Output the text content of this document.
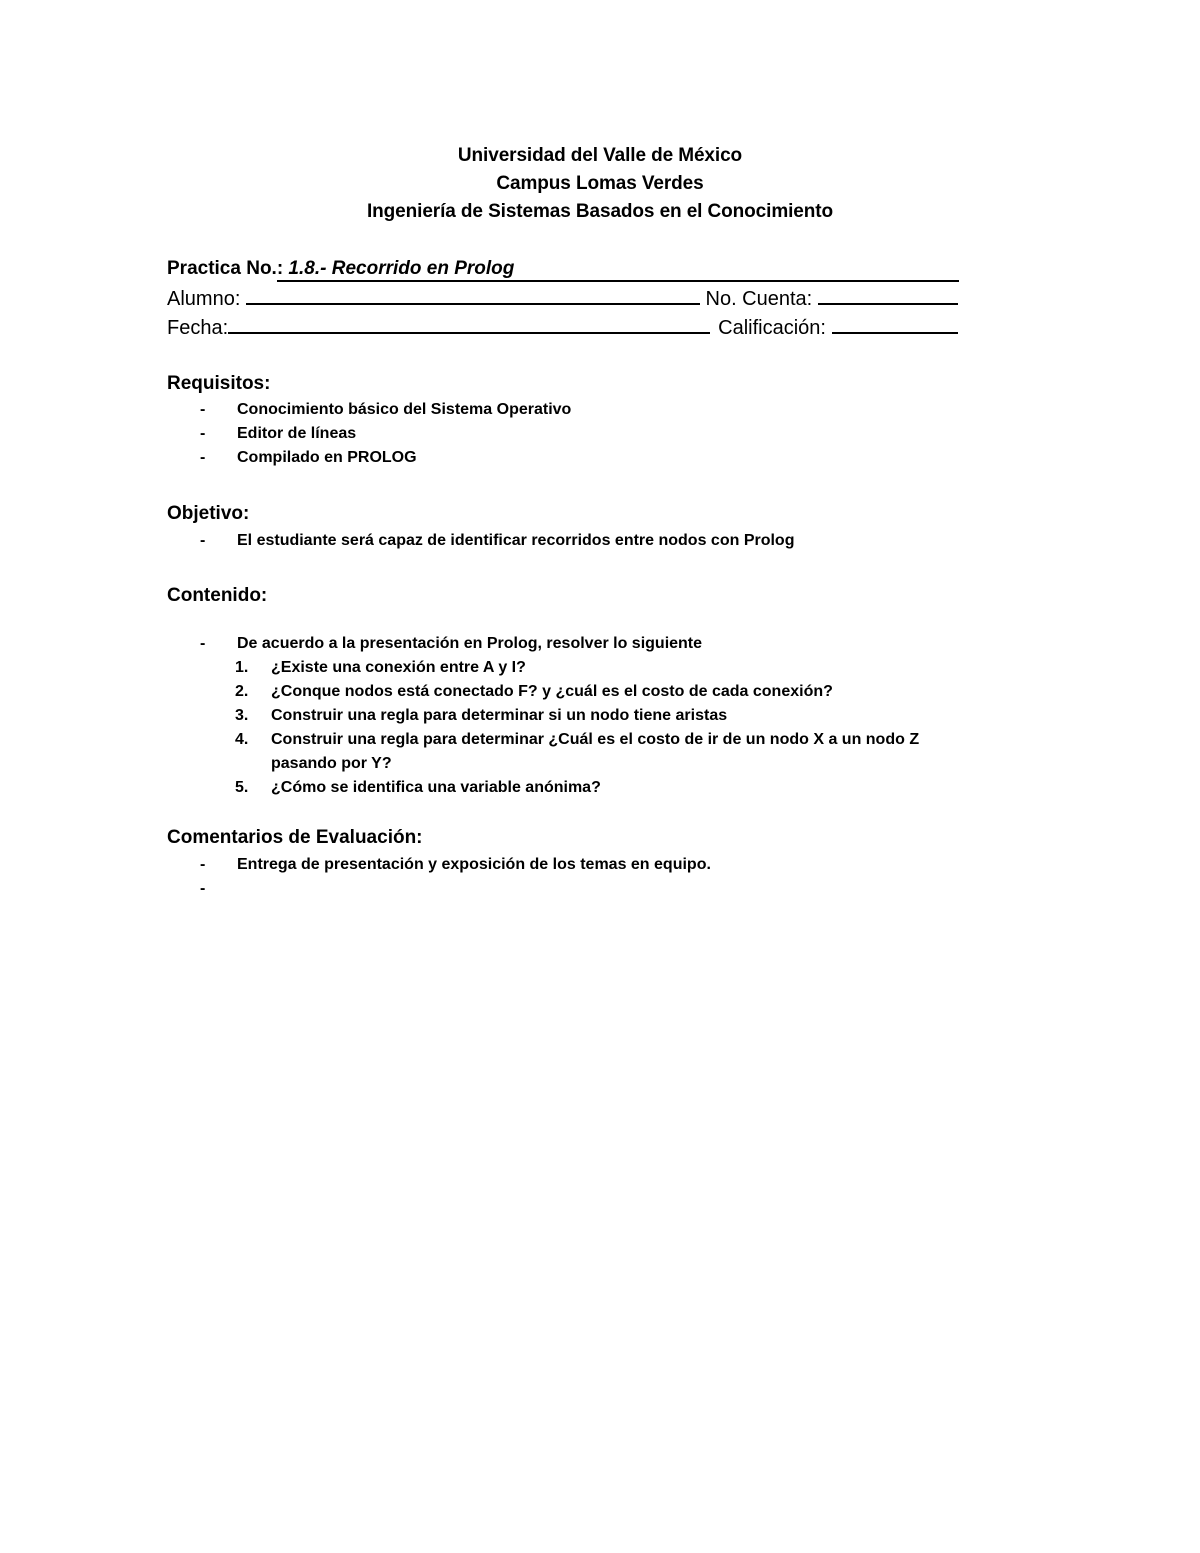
Universidad del Valle de México
Campus Lomas Verdes
Ingeniería de Sistemas Basados en el Conocimiento
Practica No.: 1.8.- Recorrido en Prolog
Alumno:	No. Cuenta:
Fecha:	Calificación:
Requisitos:
- Conocimiento básico del Sistema Operativo
- Editor de líneas
- Compilado en PROLOG
Objetivo:
- El estudiante será capaz de identificar recorridos entre nodos con Prolog
Contenido:
- De acuerdo a la presentación en Prolog, resolver lo siguiente
1. ¿Existe una conexión entre A y I?
2. ¿Conque nodos está conectado F? y ¿cuál es el costo de cada conexión?
3. Construir una regla para determinar si un nodo tiene aristas
4. Construir una regla para determinar ¿Cuál es el costo de ir de un nodo X a un nodo Z
pasando por Y?
5. ¿Cómo se identifica una variable anónima?
Comentarios de Evaluación:
- Entrega de presentación y exposición de los temas en equipo.
-
